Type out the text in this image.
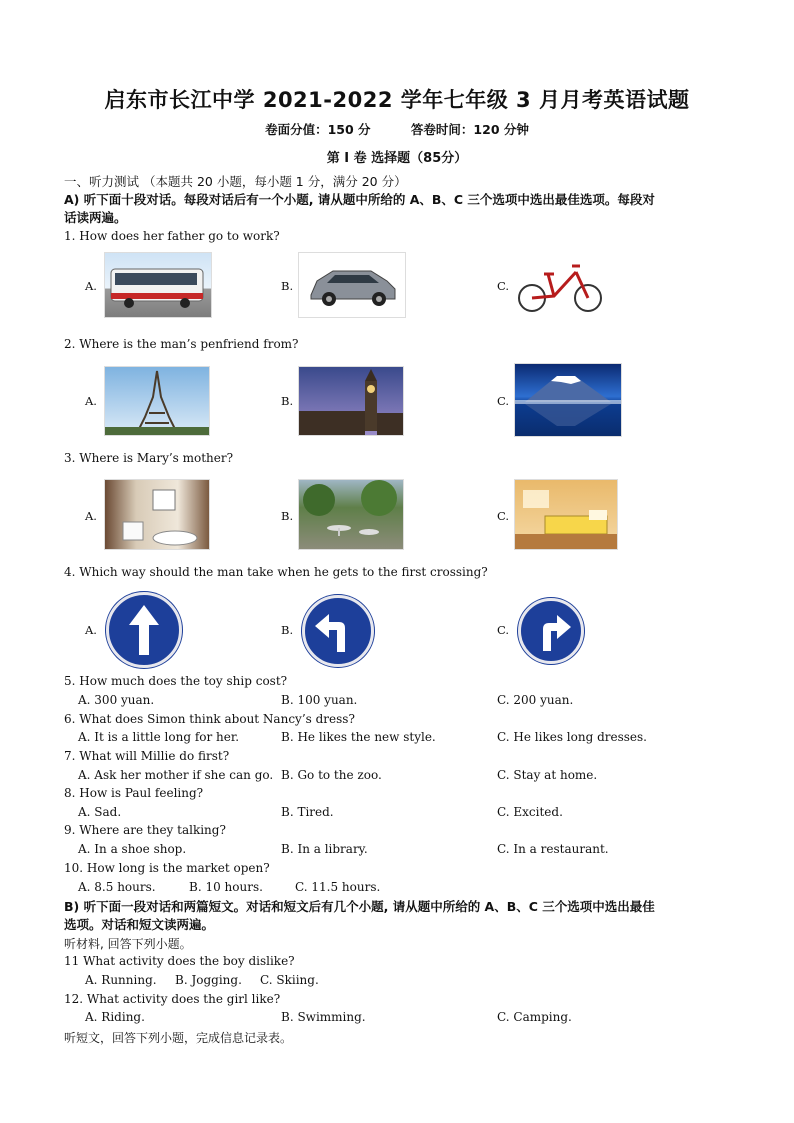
启东市长江中学 2021-2022 学年七年级 3 月月考英语试题
卷面分值：150 分	答卷时间：120 分钟
第 I 卷 选择题（85分）
一、听力测试 （本题共 20 小题，每小题 1 分，满分 20 分）
A) 听下面十段对话。每段对话后有一个小题, 请从题中所给的 A、B、C 三个选项中选出最佳选项。每段对
话读两遍。
1. How does her father go to work?
A.	B.	C.
2. Where is the man’s penfriend from?
A.	B.	C.
3. Where is Mary’s mother?
A.	B.	C.
4. Which way should the man take when he gets to the first crossing?
A.	B.	C.
5. How much does the toy ship cost?
A. 300 yuan.	B. 100 yuan.	C. 200 yuan.
6. What does Simon think about Nancy’s dress?
A. It is a little long for her.	B. He likes the new style.	C. He likes long dresses.
7. What will Millie do first?
A. Ask her mother if she can go. B. Go to the zoo.	C. Stay at home.
8. How is Paul feeling?
A. Sad.	B. Tired.	C. Excited.
9. Where are they talking?
A. In a shoe shop.	B. In a library.	C. In a restaurant.
10. How long is the market open?
A. 8.5 hours.	B. 10 hours.	C. 11.5 hours.
B) 听下面一段对话和两篇短文。对话和短文后有几个小题, 请从题中所给的 A、B、C 三个选项中选出最佳
选项。对话和短文读两遍。
听材料, 回答下列小题。
11 What activity does the boy dislike?
A. Running. B. Jogging. C. Skiing.
12. What activity does the girl like?
A. Riding.	B. Swimming.	C. Camping.
听短文，回答下列小题，完成信息记录表。
